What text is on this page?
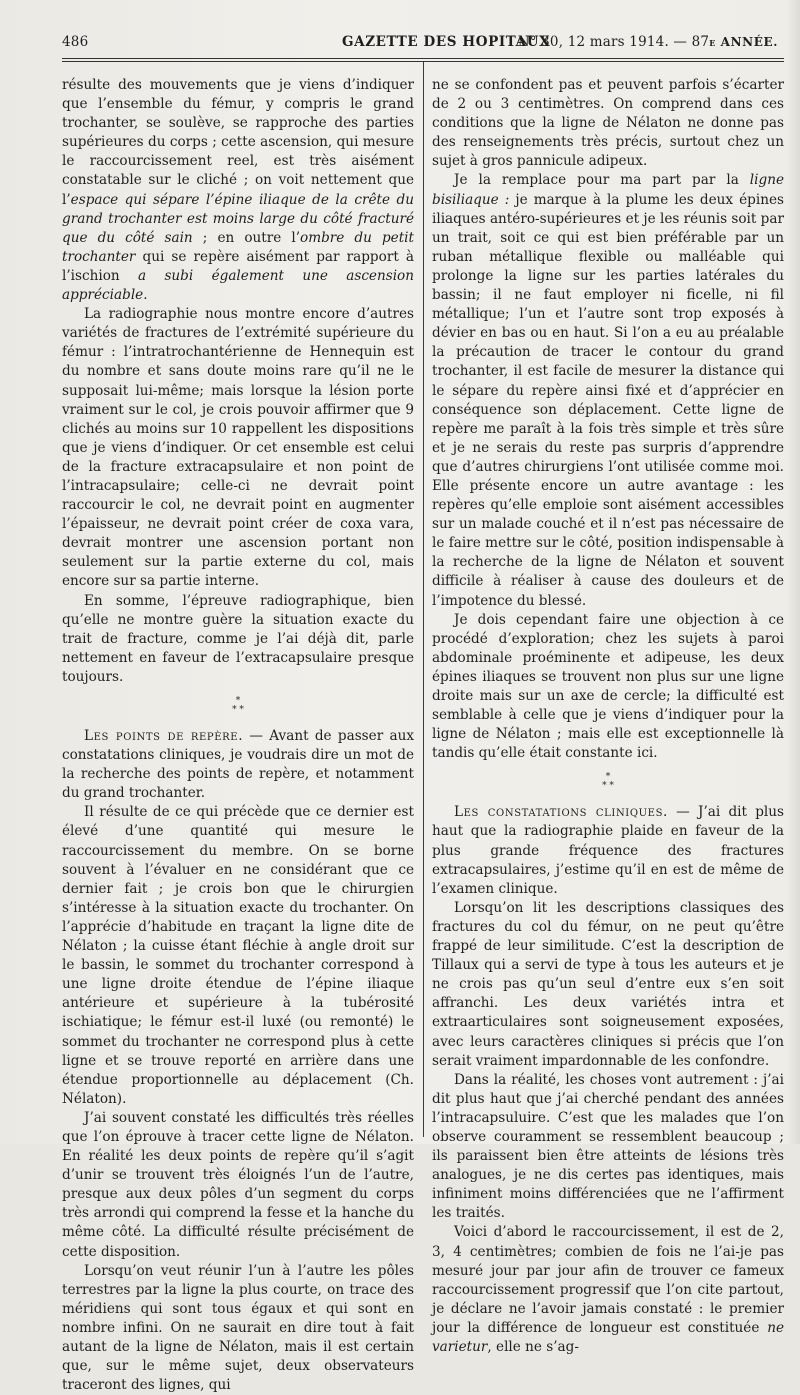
486	GAZETTE DES HOPITAUX
N° 30, 12 mars 1914. — 87e ANNÉE.

résulte des mouvements que je viens d’indiquer que l’ensemble du fémur, y compris le grand trochanter, se soulève, se rapproche des parties supérieures du corps ; cette ascension, qui mesure le raccourcissement reel, est très aisément constatable sur le cliché ; on voit nettement que l’espace qui sépare l’épine iliaque de la crête du grand trochanter est moins large du côté fracturé que du côté sain ; en outre l’ombre du petit trochanter qui se repère aisément par rapport à l’ischion a subi également une ascension appréciable.

La radiographie nous montre encore d’autres variétés de fractures de l’extrémité supérieure du fémur : l’intratrochantérienne de Hennequin est du nombre et sans doute moins rare qu’il ne le supposait lui-même; mais lorsque la lésion porte vraiment sur le col, je crois pouvoir affirmer que 9 clichés au moins sur 10 rappellent les dispositions que je viens d’indiquer. Or cet ensemble est celui de la fracture extracapsulaire et non point de l’intracapsulaire; celle-ci ne devrait point raccourcir le col, ne devrait point en augmenter l’épaisseur, ne devrait point créer de coxa vara, devrait montrer une ascension portant non seulement sur la partie externe du col, mais encore sur sa partie interne.

En somme, l’épreuve radiographique, bien qu’elle ne montre guère la situation exacte du trait de fracture, comme je l’ai déjà dit, parle nettement en faveur de l’extracapsulaire presque toujours.

*
* *

Les points de repère. — Avant de passer aux constatations cliniques, je voudrais dire un mot de la recherche des points de repère, et notamment du grand trochanter.

Il résulte de ce qui précède que ce dernier est élevé d’une quantité qui mesure le raccourcissement du membre. On se borne souvent à l’évaluer en ne considérant que ce dernier fait ; je crois bon que le chirurgien s’intéresse à la situation exacte du trochanter. On l’apprécie d’habitude en traçant la ligne dite de Nélaton ; la cuisse étant fléchie à angle droit sur le bassin, le sommet du trochanter correspond à une ligne droite étendue de l’épine iliaque antérieure et supérieure à la tubérosité ischiatique; le fémur est-il luxé (ou remonté) le sommet du trochanter ne correspond plus à cette ligne et se trouve reporté en arrière dans une étendue proportionnelle au déplacement (Ch. Nélaton).

J’ai souvent constaté les difficultés très réelles que l’on éprouve à tracer cette ligne de Nélaton. En réalité les deux points de repère qu’il s’agit d’unir se trouvent très éloignés l’un de l’autre, presque aux deux pôles d’un segment du corps très arrondi qui comprend la fesse et la hanche du même côté. La difficulté résulte précisément de cette disposition.

Lorsqu’on veut réunir l’un à l’autre les pôles terrestres par la ligne la plus courte, on trace des méridiens qui sont tous égaux et qui sont en nombre infini. On ne saurait en dire tout à fait autant de la ligne de Nélaton, mais il est certain que, sur le même sujet, deux observateurs traceront des lignes, qui

ne se confondent pas et peuvent parfois s’écarter de 2 ou 3 centimètres. On comprend dans ces conditions que la ligne de Nélaton ne donne pas des renseignements très précis, surtout chez un sujet à gros pannicule adipeux.

Je la remplace pour ma part par la ligne bisiliaque : je marque à la plume les deux épines iliaques antéro-supérieures et je les réunis soit par un trait, soit ce qui est bien préférable par un ruban métallique flexible ou malléable qui prolonge la ligne sur les parties latérales du bassin; il ne faut employer ni ficelle, ni fil métallique; l’un et l’autre sont trop exposés à dévier en bas ou en haut. Si l’on a eu au préalable la précaution de tracer le contour du grand trochanter, il est facile de mesurer la distance qui le sépare du repère ainsi fixé et d’apprécier en conséquence son déplacement. Cette ligne de repère me paraît à la fois très simple et très sûre et je ne serais du reste pas surpris d’apprendre que d’autres chirurgiens l’ont utilisée comme moi. Elle présente encore un autre avantage : les repères qu’elle emploie sont aisément accessibles sur un malade couché et il n’est pas nécessaire de le faire mettre sur le côté, position indispensable à la recherche de la ligne de Nélaton et souvent difficile à réaliser à cause des douleurs et de l’impotence du blessé.

Je dois cependant faire une objection à ce procédé d’exploration; chez les sujets à paroi abdominale proéminente et adipeuse, les deux épines iliaques se trouvent non plus sur une ligne droite mais sur un axe de cercle; la difficulté est semblable à celle que je viens d’indiquer pour la ligne de Nélaton ; mais elle est exceptionnelle là tandis qu’elle était constante ici.

*
* *

Les constatations cliniques. — J’ai dit plus haut que la radiographie plaide en faveur de la plus grande fréquence des fractures extracapsulaires, j’estime qu’il en est de même de l’examen clinique.

Lorsqu’on lit les descriptions classiques des fractures du col du fémur, on ne peut qu’être frappé de leur similitude. C’est la description de Tillaux qui a servi de type à tous les auteurs et je ne crois pas qu’un seul d’entre eux s’en soit affranchi. Les deux variétés intra et extraarticulaires sont soigneusement exposées, avec leurs caractères cliniques si précis que l’on serait vraiment impardonnable de les confondre.

Dans la réalité, les choses vont autrement : j’ai dit plus haut que j’ai cherché pendant des années l’intracapsuluire. C’est que les malades que l’on observe couramment se ressemblent beaucoup ; ils paraissent bien être atteints de lésions très analogues, je ne dis certes pas identiques, mais infiniment moins différenciées que ne l’affirment les traités.

Voici d’abord le raccourcissement, il est de 2, 3, 4 centimètres; combien de fois ne l’ai-je pas mesuré jour par jour afin de trouver ce fameux raccourcissement progressif que l’on cite partout, je déclare ne l’avoir jamais constaté : le premier jour la différence de longueur est constituée ne varietur, elle ne s’ag-
